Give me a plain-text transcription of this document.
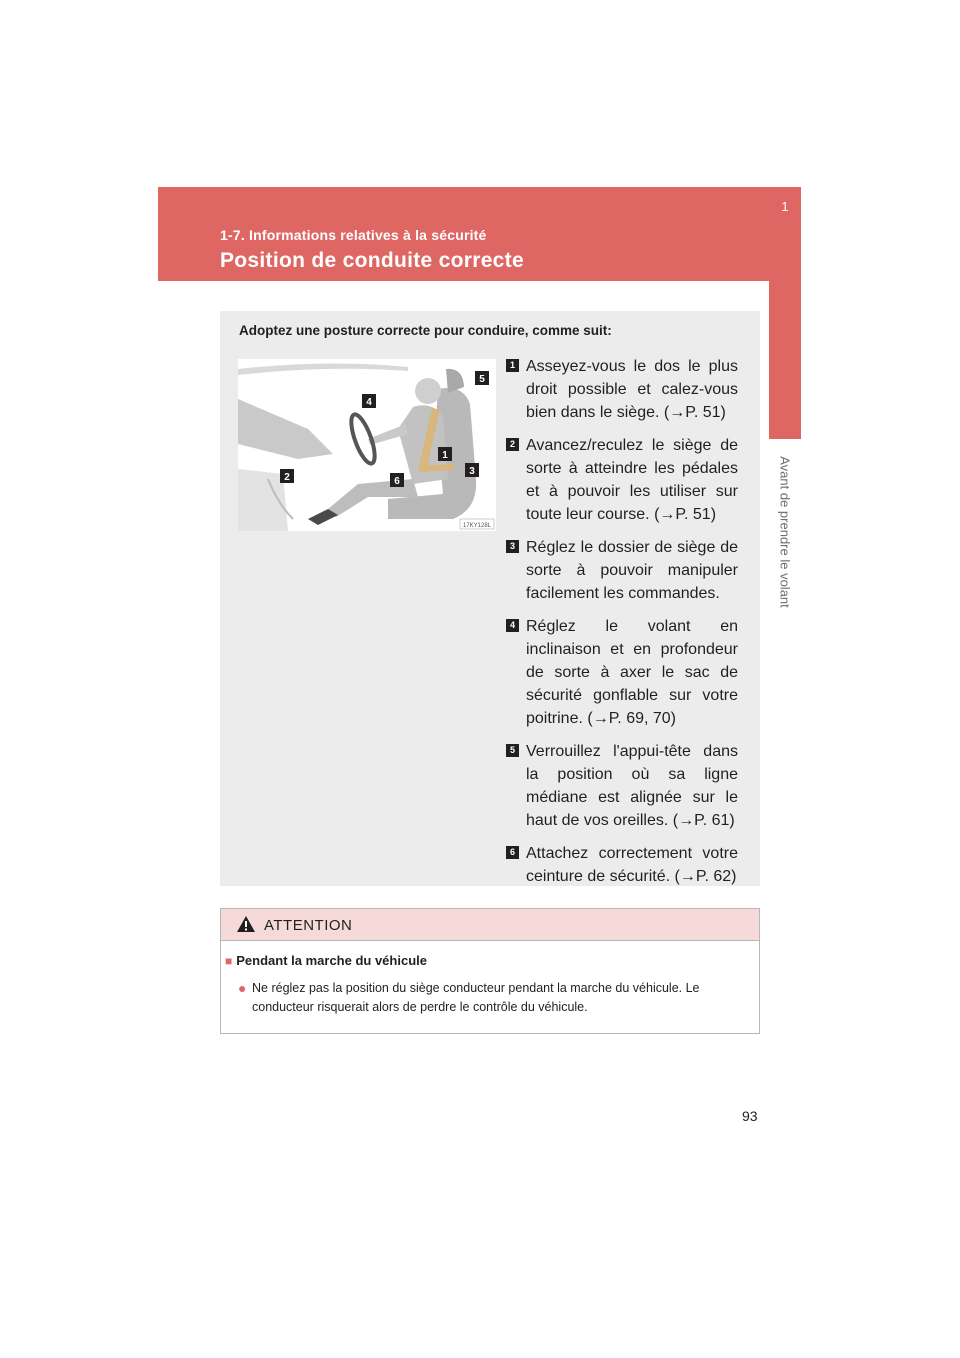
1-7. Informations relatives à la sécurité
Position de conduite correcte
1
Avant de prendre le volant
Adoptez une posture correcte pour conduire, comme suit:
5
4
1
3
6
2
17KY128L
1 Asseyez-vous le dos le plus droit possible et calez-vous bien dans le siège. (→P. 51)
2 Avancez/reculez le siège de sorte à atteindre les pédales et à pouvoir les utiliser sur toute leur course. (→P. 51)
3 Réglez le dossier de siège de sorte à pouvoir manipuler facilement les commandes.
4 Réglez le volant en inclinaison et en profondeur de sorte à axer le sac de sécurité gonflable sur votre poitrine. (→P. 69, 70)
5 Verrouillez l'appui-tête dans la position où sa ligne médiane est alignée sur le haut de vos oreilles. (→P. 61)
6 Attachez correctement votre ceinture de sécurité. (→P. 62)
ATTENTION
■ Pendant la marche du véhicule
● Ne réglez pas la position du siège conducteur pendant la marche du véhicule. Le conducteur risquerait alors de perdre le contrôle du véhicule.
93
